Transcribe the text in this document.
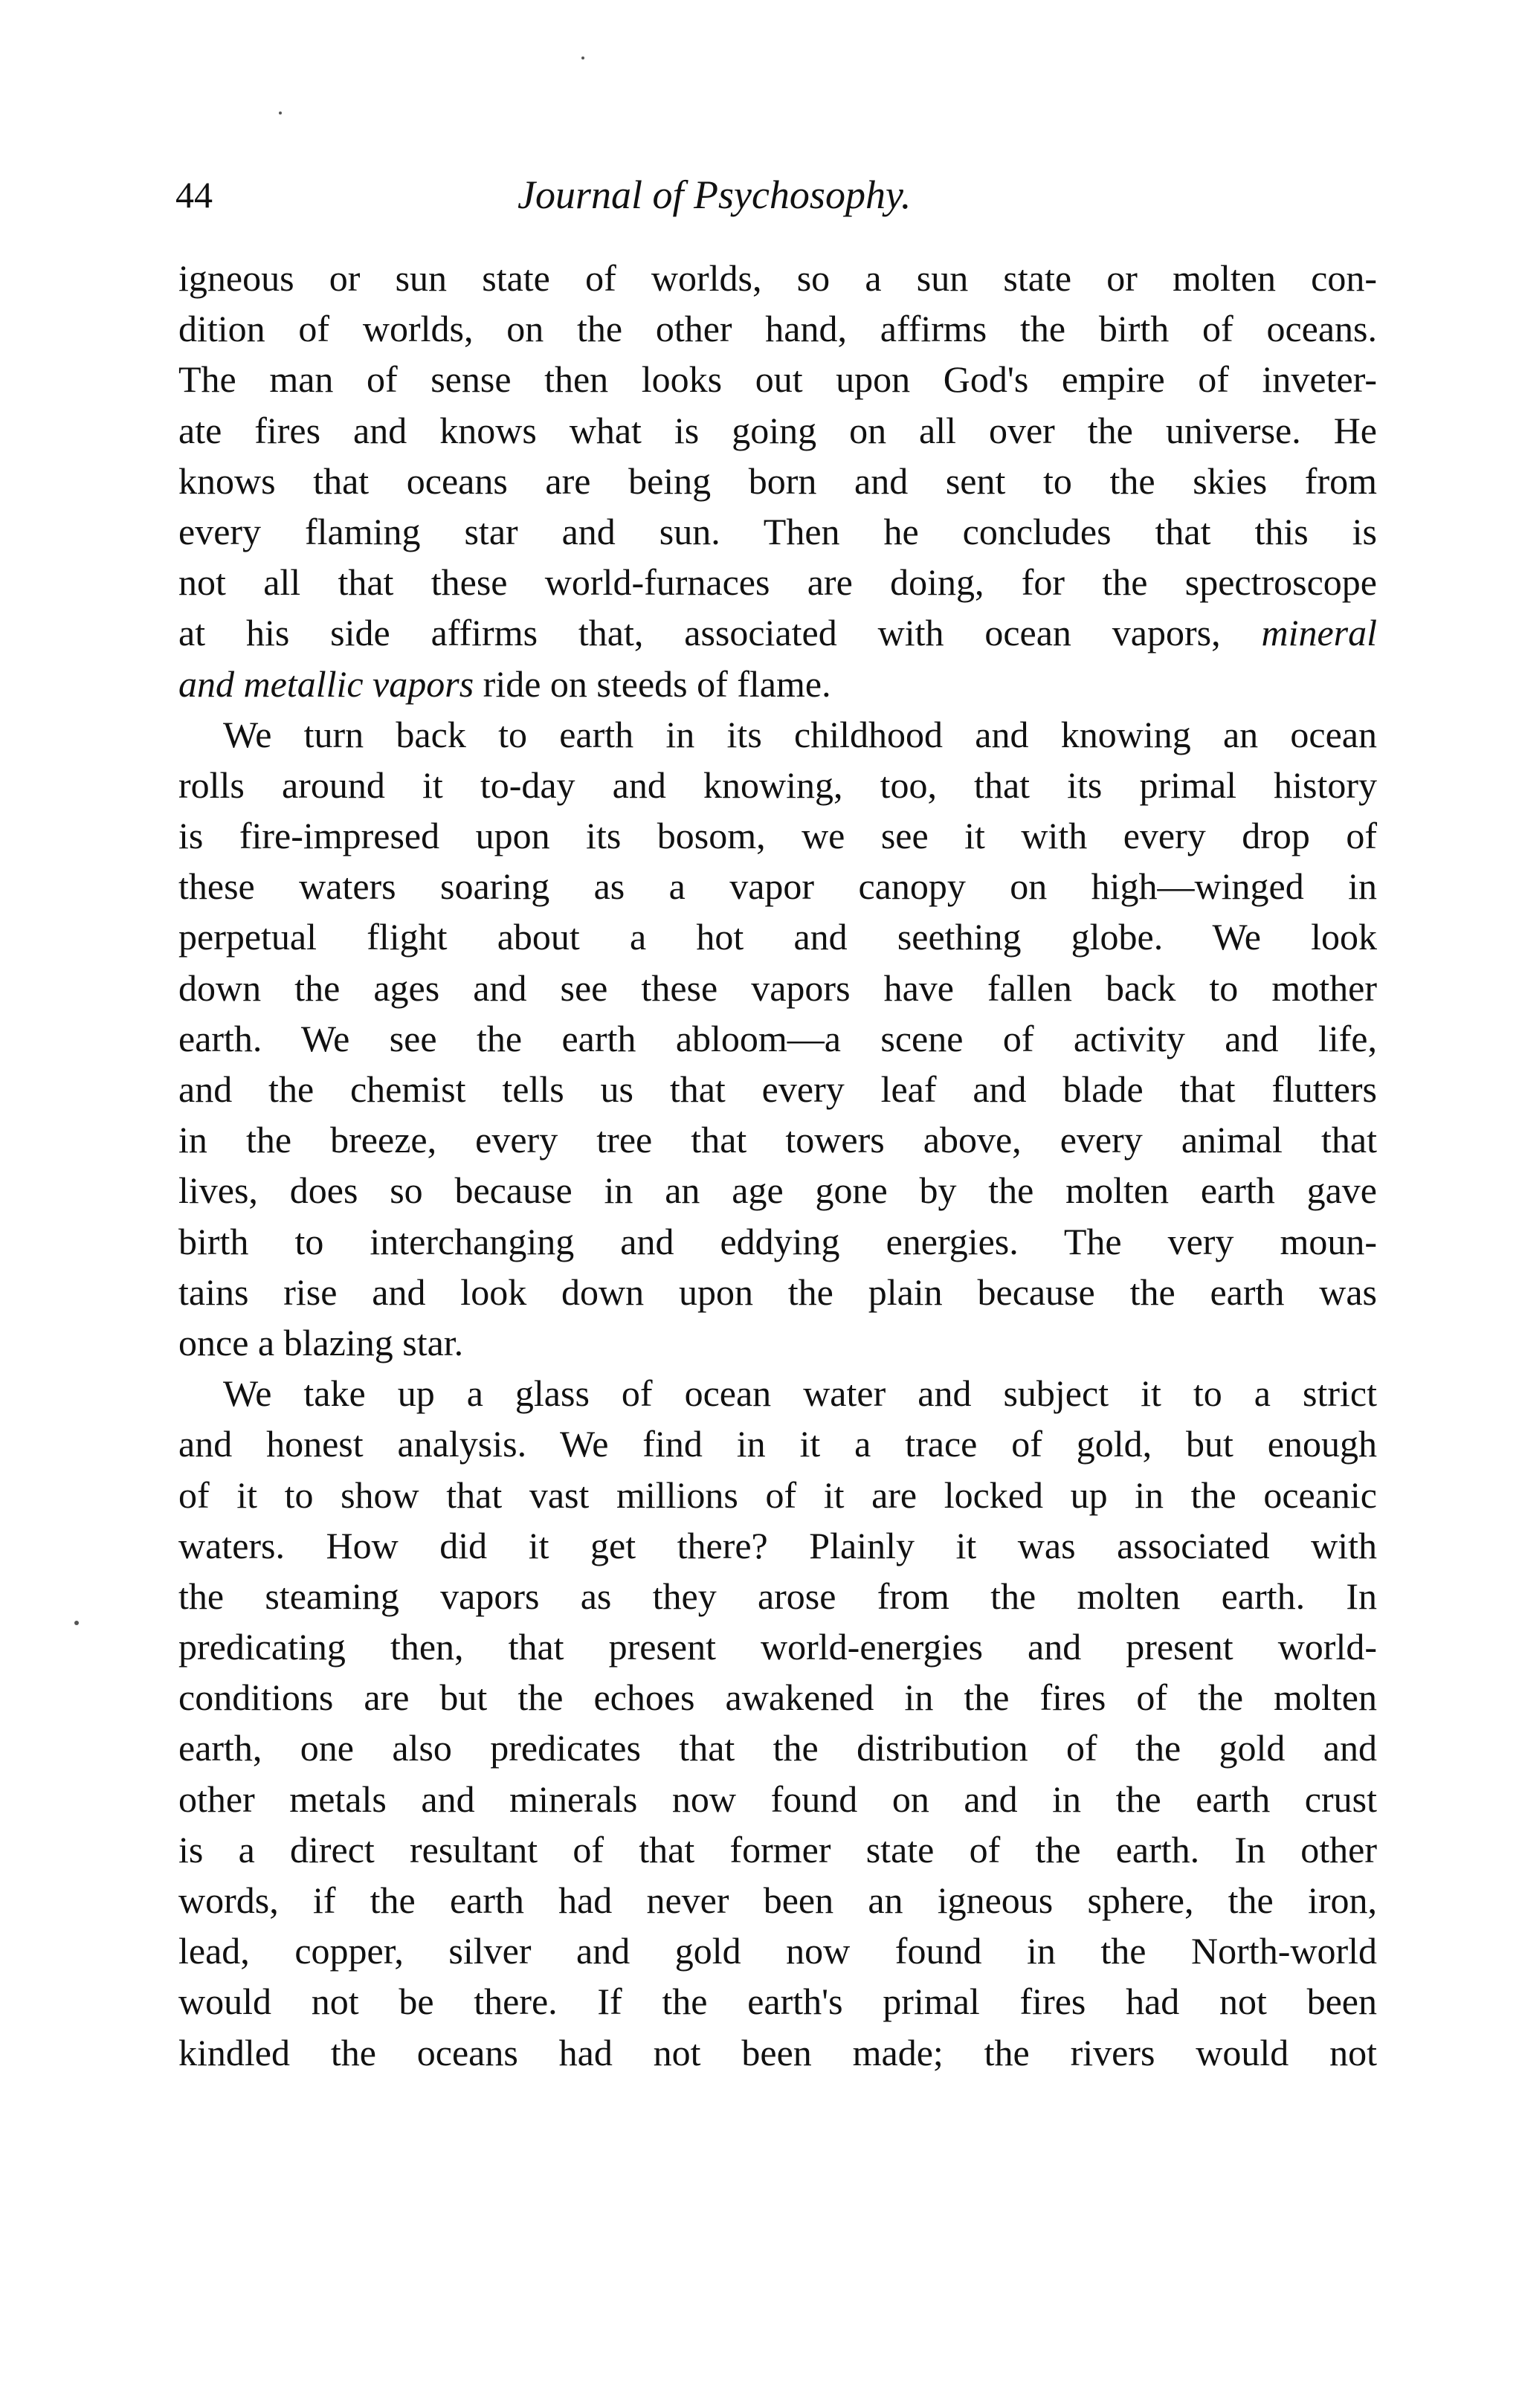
44	Journal of Psychosophy.
igneous or sun state of worlds, so a sun state or molten con-
dition of worlds, on the other hand, affirms the birth of oceans.
The man of sense then looks out upon God's empire of inveter-
ate fires and knows what is going on all over the universe. He
knows that oceans are being born and sent to the skies from
every flaming star and sun. Then he concludes that this is
not all that these world-furnaces are doing, for the spectroscope
at his side affirms that, associated with ocean vapors, mineral
and metallic vapors ride on steeds of flame.
We turn back to earth in its childhood and knowing an ocean
rolls around it to-day and knowing, too, that its primal history
is fire-impresed upon its bosom, we see it with every drop of
these waters soaring as a vapor canopy on high—winged in
perpetual flight about a hot and seething globe. We look
down the ages and see these vapors have fallen back to mother
earth. We see the earth abloom—a scene of activity and life,
and the chemist tells us that every leaf and blade that flutters
in the breeze, every tree that towers above, every animal that
lives, does so because in an age gone by the molten earth gave
birth to interchanging and eddying energies. The very moun-
tains rise and look down upon the plain because the earth was
once a blazing star.
We take up a glass of ocean water and subject it to a strict
and honest analysis. We find in it a trace of gold, but enough
of it to show that vast millions of it are locked up in the oceanic
waters. How did it get there? Plainly it was associated with
the steaming vapors as they arose from the molten earth. In
predicating then, that present world-energies and present world-
conditions are but the echoes awakened in the fires of the molten
earth, one also predicates that the distribution of the gold and
other metals and minerals now found on and in the earth crust
is a direct resultant of that former state of the earth. In other
words, if the earth had never been an igneous sphere, the iron,
lead, copper, silver and gold now found in the North-world
would not be there. If the earth's primal fires had not been
kindled the oceans had not been made; the rivers would not
